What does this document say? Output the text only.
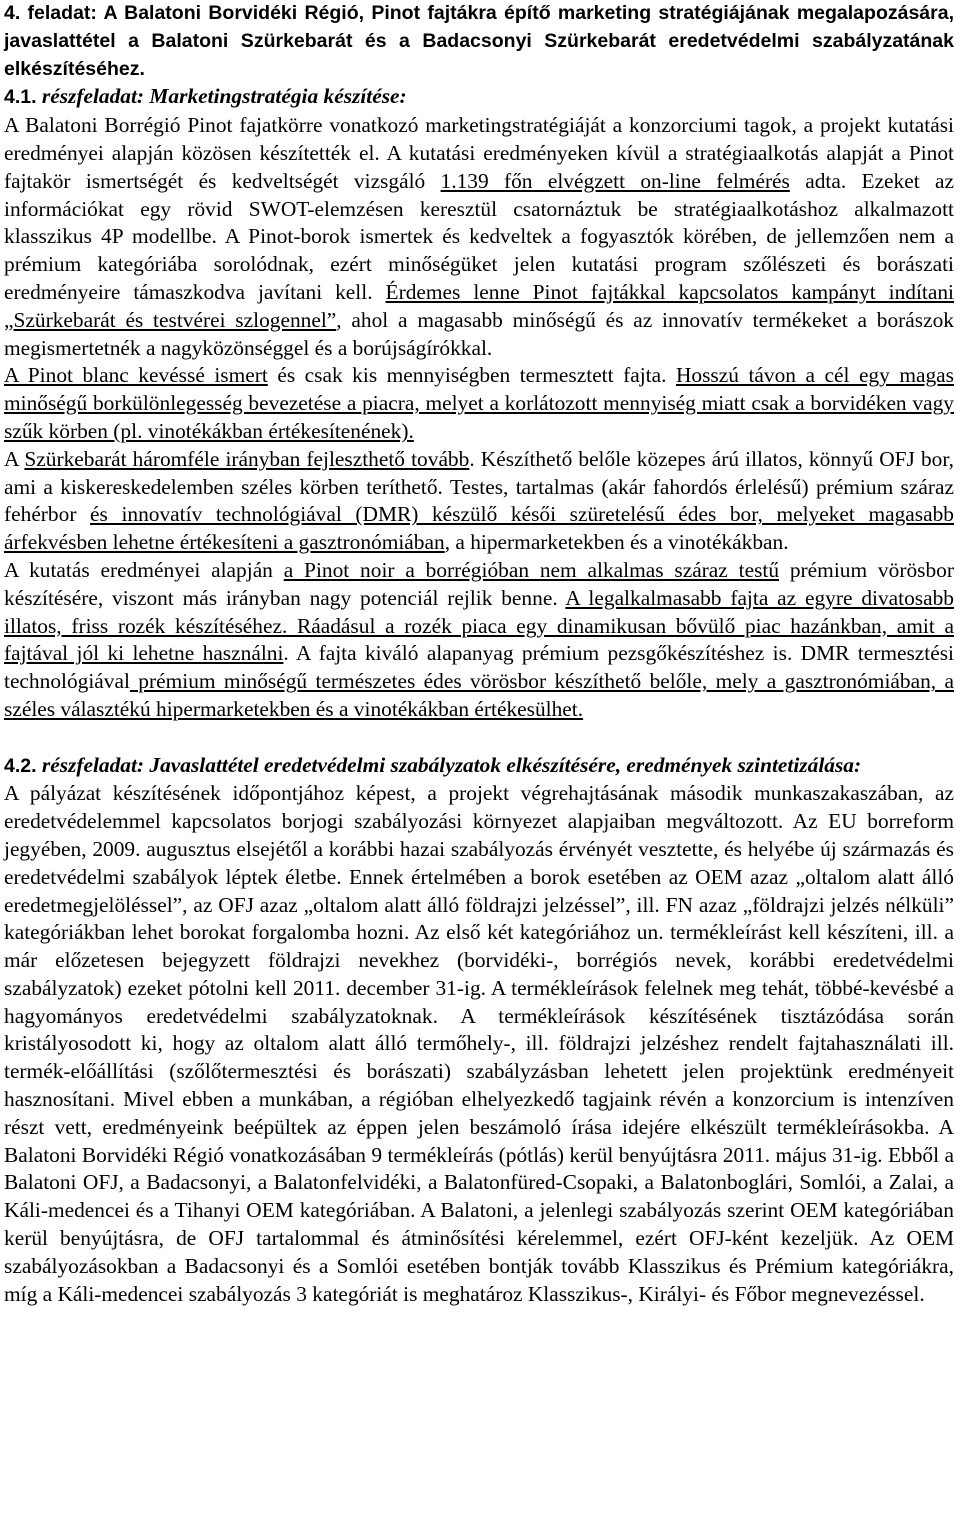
4. feladat: A Balatoni Borvidéki Régió, Pinot fajtákra építő marketing stratégiájának megalapozására, javaslattétel a Balatoni Szürkebarát és a Badacsonyi Szürkebarát eredetvédelmi szabályzatának elkészítéséhez.

4.1. részfeladat: Marketingstratégia készítése:

A Balatoni Borrégió Pinot fajatkörre vonatkozó marketingstratégiáját a konzorciumi tagok, a projekt kutatási eredményei alapján közösen készítették el. A kutatási eredményeken kívül a stratégiaalkotás alapját a Pinot fajtakör ismertségét és kedveltségét vizsgáló 1.139 főn elvégzett on-line felmérés adta. Ezeket az információkat egy rövid SWOT-elemzésen keresztül csatornáztuk be stratégiaalkotáshoz alkalmazott klasszikus 4P modellbe. A Pinot-borok ismertek és kedveltek a fogyasztók körében, de jellemzően nem a prémium kategóriába sorolódnak, ezért minőségüket jelen kutatási program szőlészeti és borászati eredményeire támaszkodva javítani kell. Érdemes lenne Pinot fajtákkal kapcsolatos kampányt indítani „Szürkebarát és testvérei szlogennel”, ahol a magasabb minőségű és az innovatív termékeket a borászok megismertetnék a nagyközönséggel és a borújságírókkal.

A Pinot blanc kevéssé ismert és csak kis mennyiségben termesztett fajta. Hosszú távon a cél egy magas minőségű borkülönlegesség bevezetése a piacra, melyet a korlátozott mennyiség miatt csak a borvidéken vagy szűk körben (pl. vinotékákban értékesítenének).

A Szürkebarát háromféle irányban fejleszthető tovább. Készíthető belőle közepes árú illatos, könnyű OFJ bor, ami a kiskereskedelemben széles körben teríthető. Testes, tartalmas (akár fahordós érlelésű) prémium száraz fehérbor és innovatív technológiával (DMR) készülő késői szüretelésű édes bor, melyeket magasabb árfekvésben lehetne értékesíteni a gasztronómiában, a hipermarketekben és a vinotékákban.

A kutatás eredményei alapján a Pinot noir a borrégióban nem alkalmas száraz testű prémium vörösbor készítésére, viszont más irányban nagy potenciál rejlik benne. A legalkalmasabb fajta az egyre divatosabb illatos, friss rozék készítéséhez. Ráadásul a rozék piaca egy dinamikusan bővülő piac hazánkban, amit a fajtával jól ki lehetne használni. A fajta kiváló alapanyag prémium pezsgőkészítéshez is. DMR termesztési technológiával prémium minőségű természetes édes vörösbor készíthető belőle, mely a gasztronómiában, a széles választékú hipermarketekben és a vinotékákban értékesülhet.

4.2. részfeladat: Javaslattétel eredetvédelmi szabályzatok elkészítésére, eredmények szintetizálása:

A pályázat készítésének időpontjához képest, a projekt végrehajtásának második munkaszakaszában, az eredetvédelemmel kapcsolatos borjogi szabályozási környezet alapjaiban megváltozott. Az EU borreform jegyében, 2009. augusztus elsejétől a korábbi hazai szabályozás érvényét vesztette, és helyébe új származás és eredetvédelmi szabályok léptek életbe. Ennek értelmében a borok esetében az OEM azaz „oltalom alatt álló eredetmegjelöléssel”, az OFJ azaz „oltalom alatt álló földrajzi jelzéssel”, ill. FN azaz „földrajzi jelzés nélküli” kategóriákban lehet borokat forgalomba hozni. Az első két kategóriához un. termékleírást kell készíteni, ill. a már előzetesen bejegyzett földrajzi nevekhez (borvidéki-, borrégiós nevek, korábbi eredetvédelmi szabályzatok) ezeket pótolni kell 2011. december 31-ig. A termékleírások felelnek meg tehát, többé-kevésbé a hagyományos eredetvédelmi szabályzatoknak. A termékleírások készítésének tisztázódása során kristályosodott ki, hogy az oltalom alatt álló termőhely-, ill. földrajzi jelzéshez rendelt fajtahasználati ill. termék-előállítási (szőlőtermesztési és borászati) szabályzásban lehetett jelen projektünk eredményeit hasznosítani. Mivel ebben a munkában, a régióban elhelyezkedő tagjaink révén a konzorcium is intenzíven részt vett, eredményeink beépültek az éppen jelen beszámoló írása idejére elkészült termékleírásokba. A Balatoni Borvidéki Régió vonatkozásában 9 termékleírás (pótlás) kerül benyújtásra 2011. május 31-ig. Ebből a Balatoni OFJ, a Badacsonyi, a Balatonfelvidéki, a Balatonfüred-Csopaki, a Balatonboglári, Somlói, a Zalai, a Káli-medencei és a Tihanyi OEM kategóriában. A Balatoni, a jelenlegi szabályozás szerint OEM kategóriában kerül benyújtásra, de OFJ tartalommal és átminősítési kérelemmel, ezért OFJ-ként kezeljük. Az OEM szabályozásokban a Badacsonyi és a Somlói esetében bontják tovább Klasszikus és Prémium kategóriákra, míg a Káli-medencei szabályozás 3 kategóriát is meghatároz Klasszikus-, Királyi- és Főbor megnevezéssel.
